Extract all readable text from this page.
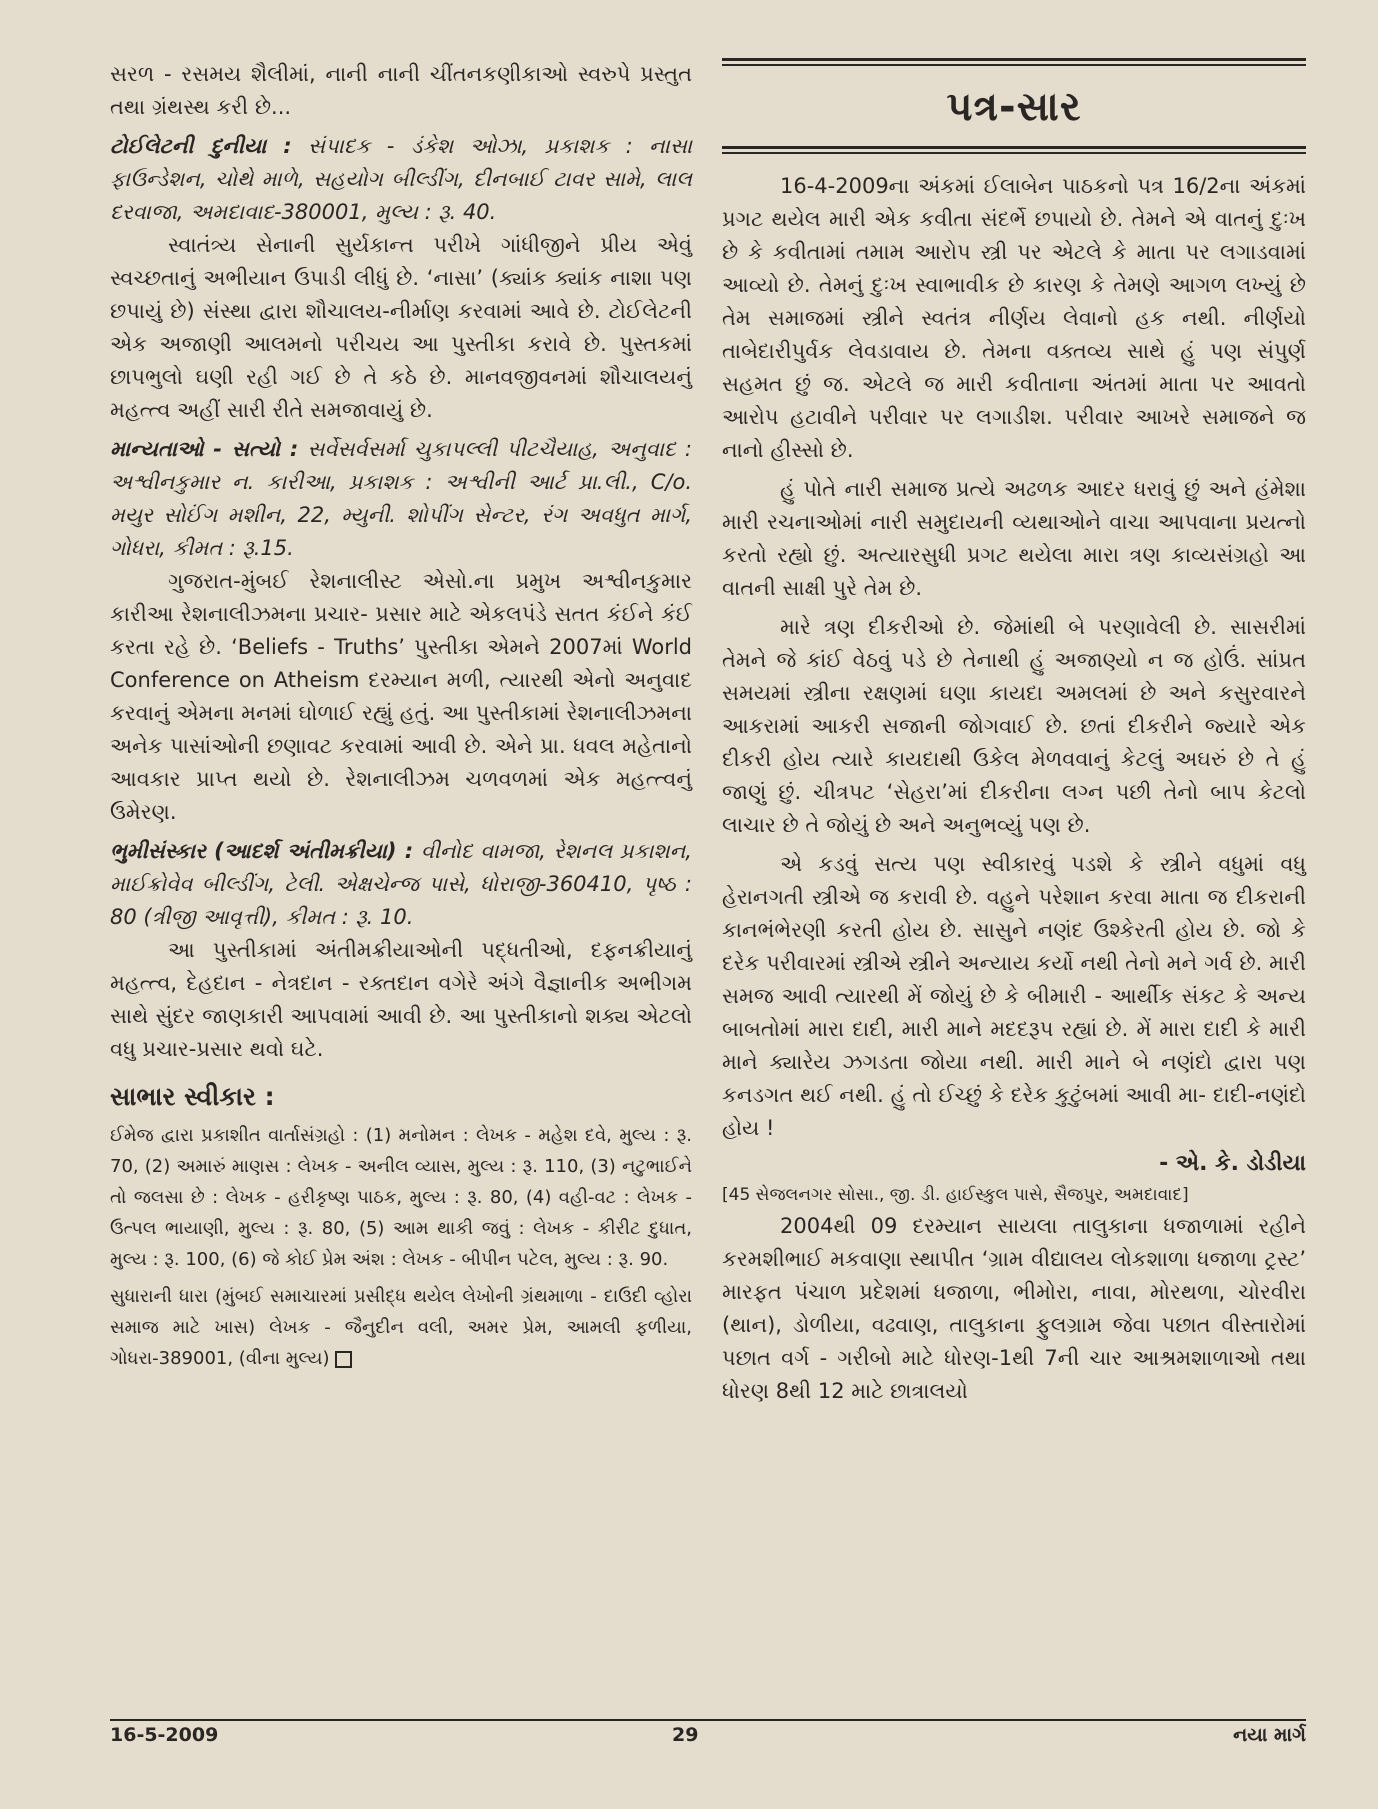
સરળ - રસમય શૈલીમાં, નાની નાની ચીંતનકણીકાઓ સ્વરુપે પ્રસ્તુત તથા ગ્રંથસ્થ કરી છે...

ટોઈલેટની દુનીયા : સંપાદક - ડંકેશ ઓઝા, પ્રકાશક : નાસા ફાઉન્ડેશન, ચોથે માળે, સહયોગ બીલ્ડીંગ, દીનબાઈ ટાવર સામે, લાલ દરવાજા, અમદાવાદ-380001, મુલ્ય : રૂ. 40.

સ્વાતંત્ર્ય સેનાની સુર્યકાન્ત પરીખે ગાંધીજીને પ્રીય એવું સ્વચ્છતાનું અભીયાન ઉપાડી લીધું છે. ‘નાસા’ (ક્યાંક ક્યાંક નાશા પણ છપાયું છે) સંસ્થા દ્વારા શૌચાલય-નીર્માણ કરવામાં આવે છે. ટોઈલેટની એક અજાણી આલમનો પરીચય આ પુસ્તીકા કરાવે છે. પુસ્તકમાં છાપભુલો ઘણી રહી ગઈ છે તે કઠે છે. માનવજીવનમાં શૌચાલયનું મહત્ત્વ અહીં સારી રીતે સમજાવાયું છે.

માન્યતાઓ - સત્યો : સર્વેસર્વસર્મા ચુકાપલ્લી પીટચૈયાહ, અનુવાદ : અશ્વીનકુમાર ન. કારીઆ, પ્રકાશક : અશ્વીની આર્ટ પ્રા.લી., C/o. મયુર સોઈંગ મશીન, 22, મ્યુની. શોપીંગ સેન્ટર, રંગ અવધુત માર્ગ, ગોધરા, કીમત : રૂ.15.

ગુજરાત-મુંબઈ રેશનાલીસ્ટ એસો.ના પ્રમુખ અશ્વીનકુમાર કારીઆ રેશનાલીઝમના પ્રચાર- પ્રસાર માટે એકલપંડે સતત કંઈને કંઈ કરતા રહે છે. ‘Beliefs - Truths’ પુસ્તીકા એમને 2007માં World Conference on Atheism દરમ્યાન મળી, ત્યારથી એનો અનુવાદ કરવાનું એમના મનમાં ઘોળાઈ રહ્યું હતું. આ પુસ્તીકામાં રેશનાલીઝમના અનેક પાસાંઓની છણાવટ કરવામાં આવી છે. એને પ્રા. ધવલ મહેતાનો આવકાર પ્રાપ્ત થયો છે. રેશનાલીઝમ ચળવળમાં એક મહત્ત્વનું ઉમેરણ.

ભુમીસંસ્કાર (આદર્શ અંતીમક્રીયા) : વીનોદ વામજા, રેશનલ પ્રકાશન, માઈક્રોવેવ બીલ્ડીંગ, ટેલી. એક્ષચેન્જ પાસે, ધોરાજી-360410, પૃષ્ઠ : 80 (ત્રીજી આવૃત્તી), કીમત : રૂ. 10.

આ પુસ્તીકામાં અંતીમક્રીયાઓની પદ્ધતીઓ, દફનક્રીયાનું મહત્ત્વ, દેહદાન - નેત્રદાન - રક્તદાન વગેરે અંગે વૈજ્ઞાનીક અભીગમ સાથે સુંદર જાણકારી આપવામાં આવી છે. આ પુસ્તીકાનો શક્ય એટલો વધુ પ્રચાર-પ્રસાર થવો ઘટે.

સાભાર સ્વીકાર :

ઈમેજ દ્વારા પ્રકાશીત વાર્તાસંગ્રહો : (1) મનોમન : લેખક - મહેશ દવે, મુલ્ય : રૂ. 70, (2) અમારું માણસ : લેખક - અનીલ વ્યાસ, મુલ્ય : રૂ. 110, (3) નટુભાઈને તો જલસા છે : લેખક - હરીકૃષ્ણ પાઠક, મુલ્ય : રૂ. 80, (4) વહી-વટ : લેખક - ઉત્પલ ભાયાણી, મુલ્ય : રૂ. 80, (5) આમ થાકી જવું : લેખક - કીરીટ દુધાત, મુલ્ય : રૂ. 100, (6) જે કોઈ પ્રેમ અંશ : લેખક - બીપીન પટેલ, મુલ્ય : રૂ. 90.

સુધારાની ધારા (મુંબઈ સમાચારમાં પ્રસીદ્ધ થયેલ લેખોની ગ્રંથમાળા - દાઉદી વ્હોરા સમાજ માટે ખાસ) લેખક - જૈનુદીન વલી, અમર પ્રેમ, આમલી ફળીયા, ગોધરા-389001, (વીના મુલ્ય)

પત્ર-સાર

16-4-2009ના અંકમાં ઈલાબેન પાઠકનો પત્ર 16/2ના અંકમાં પ્રગટ થયેલ મારી એક કવીતા સંદર્ભે છપાયો છે. તેમને એ વાતનું દુઃખ છે કે કવીતામાં તમામ આરોપ સ્ત્રી પર એટલે કે માતા પર લગાડવામાં આવ્યો છે. તેમનું દુઃખ સ્વાભાવીક છે કારણ કે તેમણે આગળ લખ્યું છે તેમ સમાજમાં સ્ત્રીને સ્વતંત્ર નીર્ણય લેવાનો હક નથી. નીર્ણયો તાબેદારીપુર્વક લેવડાવાય છે. તેમના વક્તવ્ય સાથે હું પણ સંપુર્ણ સહમત છું જ. એટલે જ મારી કવીતાના અંતમાં માતા પર આવતો આરોપ હટાવીને પરીવાર પર લગાડીશ. પરીવાર આખરે સમાજને જ નાનો હીસ્સો છે.

હું પોતે નારી સમાજ પ્રત્યે અઢળક આદર ધરાવું છું અને હંમેશા મારી રચનાઓમાં નારી સમુદાયની વ્યથાઓને વાચા આપવાના પ્રયત્નો કરતો રહ્યો છું. અત્યારસુધી પ્રગટ થયેલા મારા ત્રણ કાવ્યસંગ્રહો આ વાતની સાક્ષી પુરે તેમ છે.

મારે ત્રણ દીકરીઓ છે. જેમાંથી બે પરણાવેલી છે. સાસરીમાં તેમને જે કાંઈ વેઠવું પડે છે તેનાથી હું અજાણ્યો ન જ હોઉં. સાંપ્રત સમયમાં સ્ત્રીના રક્ષણમાં ઘણા કાયદા અમલમાં છે અને કસુરવારને આકરામાં આકરી સજાની જોગવાઈ છે. છતાં દીકરીને જ્યારે એક દીકરી હોય ત્યારે કાયદાથી ઉકેલ મેળવવાનું કેટલું અઘરું છે તે હું જાણું છું. ચીત્રપટ ‘સેહરા’માં દીકરીના લગ્ન પછી તેનો બાપ કેટલો લાચાર છે તે જોયું છે અને અનુભવ્યું પણ છે.

એ કડવું સત્ય પણ સ્વીકારવું પડશે કે સ્ત્રીને વધુમાં વધુ હેરાનગતી સ્ત્રીએ જ કરાવી છે. વહુને પરેશાન કરવા માતા જ દીકરાની કાનભંભેરણી કરતી હોય છે. સાસુને નણંદ ઉશ્કેરતી હોય છે. જો કે દરેક પરીવારમાં સ્ત્રીએ સ્ત્રીને અન્યાય કર્યો નથી તેનો મને ગર્વ છે. મારી સમજ આવી ત્યારથી મેં જોયું છે કે બીમારી - આર્થીક સંકટ કે અન્ય બાબતોમાં મારા દાદી, મારી માને મદદરૂપ રહ્યાં છે. મેં મારા દાદી કે મારી માને ક્યારેય ઝગડતા જોયા નથી. મારી માને બે નણંદો દ્વારા પણ કનડગત થઈ નથી. હું તો ઈચ્છું કે દરેક કુટુંબમાં આવી મા- દાદી-નણંદો હોય !

- એ. કે. ડોડીયા
[45 સેજલનગર સોસા., જી. ડી. હાઈસ્કુલ પાસે, સૈજપુર, અમદાવાદ]

2004થી 09 દરમ્યાન સાયલા તાલુકાના ધજાળામાં રહીને કરમશીભાઈ મકવાણા સ્થાપીત ‘ગ્રામ વીદ્યાલય લોકશાળા ધજાળા ટ્રસ્ટ’ મારફત પંચાળ પ્રદેશમાં ધજાળા, ભીમોરા, નાવા, મોરથળા, ચોરવીરા (થાન), ડોળીયા, વઢવાણ, તાલુકાના ફુલગ્રામ જેવા પછાત વીસ્તારોમાં પછાત વર્ગ - ગરીબો માટે ધોરણ-1થી 7ની ચાર આશ્રમશાળાઓ તથા ધોરણ 8થી 12 માટે છાત્રાલયો

16-5-2009	29	નયા માર્ગ
